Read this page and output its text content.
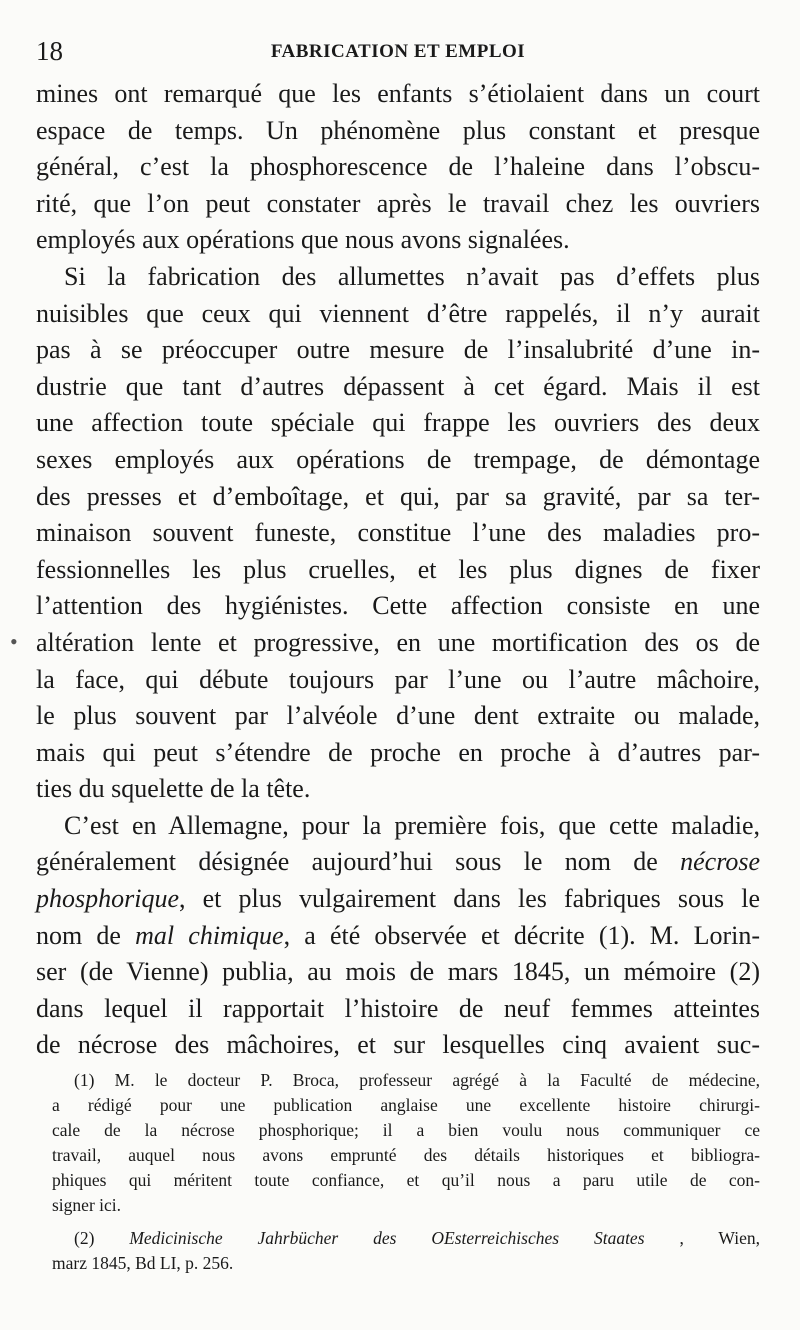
18	FABRICATION ET EMPLOI
•
mines ont remarqué que les enfants s’étiolaient dans un court
espace de temps. Un phénomène plus constant et presque
général, c’est la phosphorescence de l’haleine dans l’obscu-
rité, que l’on peut constater après le travail chez les ouvriers
employés aux opérations que nous avons signalées.
Si la fabrication des allumettes n’avait pas d’effets plus
nuisibles que ceux qui viennent d’être rappelés, il n’y aurait
pas à se préoccuper outre mesure de l’insalubrité d’une in-
dustrie que tant d’autres dépassent à cet égard. Mais il est
une affection toute spéciale qui frappe les ouvriers des deux
sexes employés aux opérations de trempage, de démontage
des presses et d’emboîtage, et qui, par sa gravité, par sa ter-
minaison souvent funeste, constitue l’une des maladies pro-
fessionnelles les plus cruelles, et les plus dignes de fixer
l’attention des hygiénistes. Cette affection consiste en une
altération lente et progressive, en une mortification des os de
la face, qui débute toujours par l’une ou l’autre mâchoire,
le plus souvent par l’alvéole d’une dent extraite ou malade,
mais qui peut s’étendre de proche en proche à d’autres par-
ties du squelette de la tête.
C’est en Allemagne, pour la première fois, que cette maladie,
généralement désignée aujourd’hui sous le nom de nécrose
phosphorique, et plus vulgairement dans les fabriques sous le
nom de mal chimique, a été observée et décrite (1). M. Lorin-
ser (de Vienne) publia, au mois de mars 1845, un mémoire (2)
dans lequel il rapportait l’histoire de neuf femmes atteintes
de nécrose des mâchoires, et sur lesquelles cinq avaient suc-
(1) M. le docteur P. Broca, professeur agrégé à la Faculté de médecine,
a rédigé pour une publication anglaise une excellente histoire chirurgi-
cale de la nécrose phosphorique; il a bien voulu nous communiquer ce
travail, auquel nous avons emprunté des détails historiques et bibliogra-
phiques qui méritent toute confiance, et qu’il nous a paru utile de con-
signer ici.
(2) Medicinische Jahrbücher des OEsterreichisches Staates , Wien,
marz 1845, Bd LI, p. 256.
